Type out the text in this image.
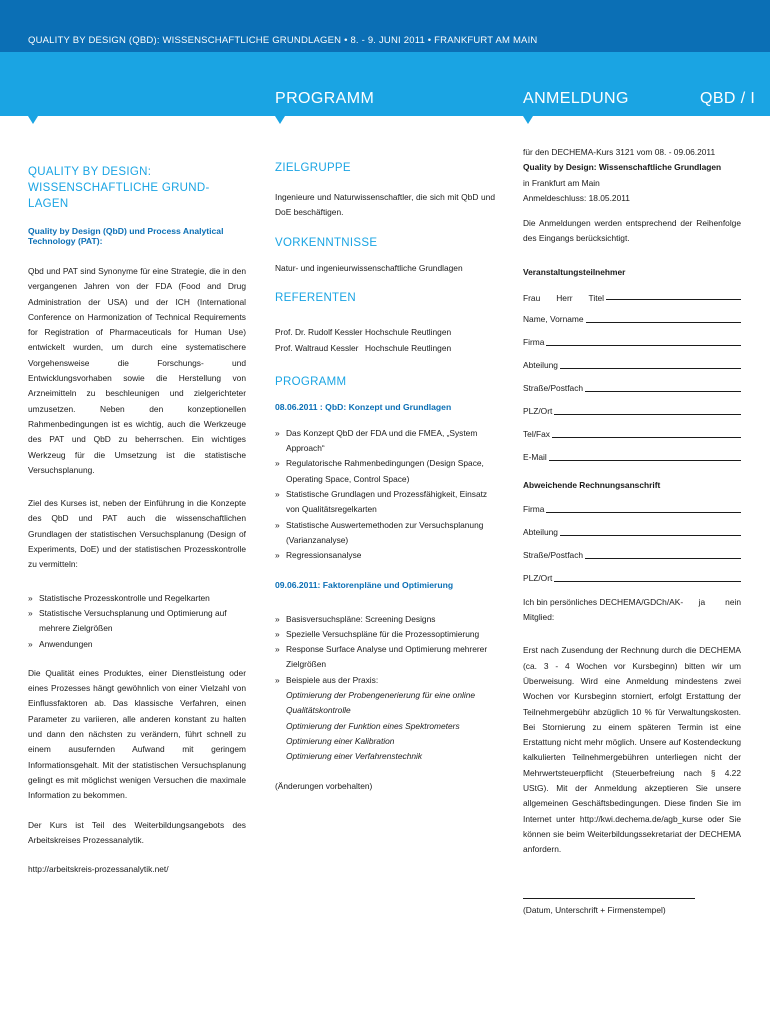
QUALITY BY DESIGN (QBD): WISSENSCHAFTLICHE GRUNDLAGEN • 8. - 9. JUNI 2011 • FRANKFURT AM MAIN
PROGRAMM	ANMELDUNG	QBD / I
QUALITY BY DESIGN: WISSENSCHAFTLICHE GRUND-LAGEN
Quality by Design (QbD) und Process Analytical Technology (PAT):

Qbd und PAT sind Synonyme für eine Strategie, die in den vergangenen Jahren von der FDA (Food and Drug Administration der USA) und der ICH (International Conference on Harmonization of Technical Requirements for Registration of Pharmaceuticals for Human Use) entwickelt wurden, um durch eine systematischere Vorgehensweise die Forschungs- und Entwicklungsvorhaben sowie die Herstellung von Arzneimitteln zu beschleunigen und zielgerichteter umzusetzen. Neben den konzeptionellen Rahmenbedingungen ist es wichtig, auch die Werkzeuge des PAT und QbD zu beherrschen. Ein wichtiges Werkzeug für die Umsetzung ist die statistische Versuchsplanung.

Ziel des Kurses ist, neben der Einführung in die Konzepte des QbD und PAT auch die wissenschaftlichen Grundlagen der statistischen Versuchsplanung (Design of Experiments, DoE) und der statistischen Prozesskontrolle zu vermitteln:

» Statistische Prozesskontrolle und Regelkarten
» Statistische Versuchsplanung und Optimierung auf mehrere Zielgrößen
» Anwendungen

Die Qualität eines Produktes, einer Dienstleistung oder eines Prozesses hängt gewöhnlich von einer Vielzahl von Einflussfaktoren ab. Das klassische Verfahren, einen Parameter zu variieren, alle anderen konstant zu halten und dann den nächsten zu verändern, führt schnell zu einem ausufernden Aufwand mit geringem Informationsgehalt. Mit der statistischen Versuchsplanung gelingt es mit möglichst wenigen Versuchen die maximale Information zu bekommen.

Der Kurs ist Teil des Weiterbildungsangebots des Arbeitskreises Prozessanalytik.

http://arbeitskreis-prozessanalytik.net/

ZIELGRUPPE

Ingenieure und Naturwissenschaftler, die sich mit QbD und DoE beschäftigen.

VORKENNTNISSE

Natur- und ingenieurwissenschaftliche Grundlagen

REFERENTEN
Prof. Dr. Rudolf Kessler Hochschule Reutlingen
Prof. Waltraud Kessler Hochschule Reutlingen
PROGRAMM
08.06.2011 : QbD: Konzept und Grundlagen
» Das Konzept QbD der FDA und die FMEA, „System Approach“
» Regulatorische Rahmenbedingungen (Design Space, Operating Space, Control Space)
» Statistische Grundlagen und Prozessfähigkeit, Einsatz von Qualitätsregelkarten
» Statistische Auswertemethoden zur Versuchsplanung (Varianzanalyse)
» Regressionsanalyse
09.06.2011: Faktorenpläne und Optimierung
» Basisversuchspläne: Screening Designs
» Spezielle Versuchspläne für die Prozessoptimierung
» Response Surface Analyse und Optimierung mehrerer Zielgrößen
» Beispiele aus der Praxis:
Optimierung der Probengenerierung für eine online Qualitätskontrolle
Optimierung der Funktion eines Spektrometers
Optimierung einer Kalibration
Optimierung einer Verfahrenstechnik

(Änderungen vorbehalten)

für den DECHEMA-Kurs 3121 vom 08. - 09.06.2011
Quality by Design: Wissenschaftliche Grundlagen
in Frankfurt am Main
Anmeldeschluss: 18.05.2011

Die Anmeldungen werden entsprechend der Reihenfolge des Eingangs berücksichtigt.

Veranstaltungsteilnehmer
Frau Herr Titel
Name, Vorname
Firma
Abteilung
Straße/Postfach
PLZ/Ort
Tel/Fax
E-Mail
Abweichende Rechnungsanschrift
Firma
Abteilung
Straße/Postfach
PLZ/Ort
Ich bin persönliches DECHEMA/GDCh/AK-Mitglied:
ja nein

Erst nach Zusendung der Rechnung durch die DECHEMA (ca. 3 - 4 Wochen vor Kursbeginn) bitten wir um Überweisung. Wird eine Anmeldung mindestens zwei Wochen vor Kursbeginn storniert, erfolgt Erstattung der Teilnehmergebühr abzüglich 10 % für Verwaltungskosten. Bei Stornierung zu einem späteren Termin ist eine Erstattung nicht mehr möglich. Unsere auf Kostendeckung kalkulierten Teilnehmergebühren unterliegen nicht der Mehrwertsteuerpflicht (Steuerbefreiung nach § 4.22 UStG). Mit der Anmeldung akzeptieren Sie unsere allgemeinen Geschäftsbedingungen. Diese finden Sie im Internet unter http://kwi.dechema.de/agb_kurse oder Sie können sie beim Weiterbildungssekretariat der DECHEMA anfordern.

(Datum, Unterschrift + Firmenstempel)
